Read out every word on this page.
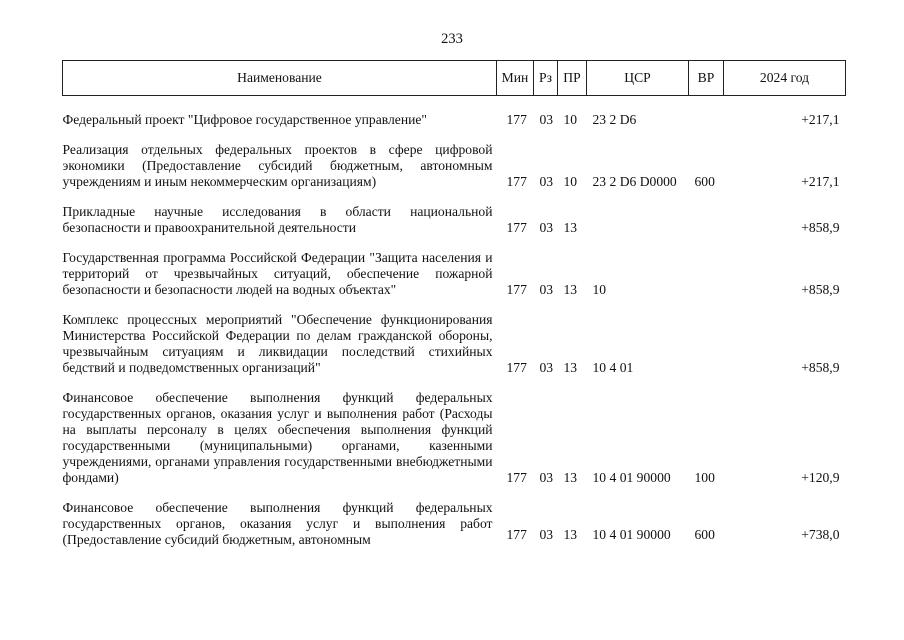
233
Наименование	Мин	Рз	ПР	ЦСР	ВР	2024 год

Федеральный проект "Цифровое государственное управление"	177	03	10	23 2 D6		+217,1
Реализация отдельных федеральных проектов в сфере цифровой экономики (Предоставление субсидий бюджетным, автономным учреждениям и иным некоммерческим организациям)	177	03	10	23 2 D6 D0000	600	+217,1
Прикладные научные исследования в области национальной безопасности и правоохранительной деятельности	177	03	13			+858,9
Государственная программа Российской Федерации "Защита населения и территорий от чрезвычайных ситуаций, обеспечение пожарной безопасности и безопасности людей на водных объектах"	177	03	13	10		+858,9
Комплекс процессных мероприятий "Обеспечение функционирования Министерства Российской Федерации по делам гражданской обороны, чрезвычайным ситуациям и ликвидации последствий стихийных бедствий и подведомственных организаций"	177	03	13	10 4 01		+858,9
Финансовое обеспечение выполнения функций федеральных государственных органов, оказания услуг и выполнения работ (Расходы на выплаты персоналу в целях обеспечения выполнения функций государственными (муниципальными) органами, казенными учреждениями, органами управления государственными внебюджетными фондами)	177	03	13	10 4 01 90000	100	+120,9
Финансовое обеспечение выполнения функций федеральных государственных органов, оказания услуг и выполнения работ (Предоставление субсидий бюджетным, автономным	177	03	13	10 4 01 90000	600	+738,0
